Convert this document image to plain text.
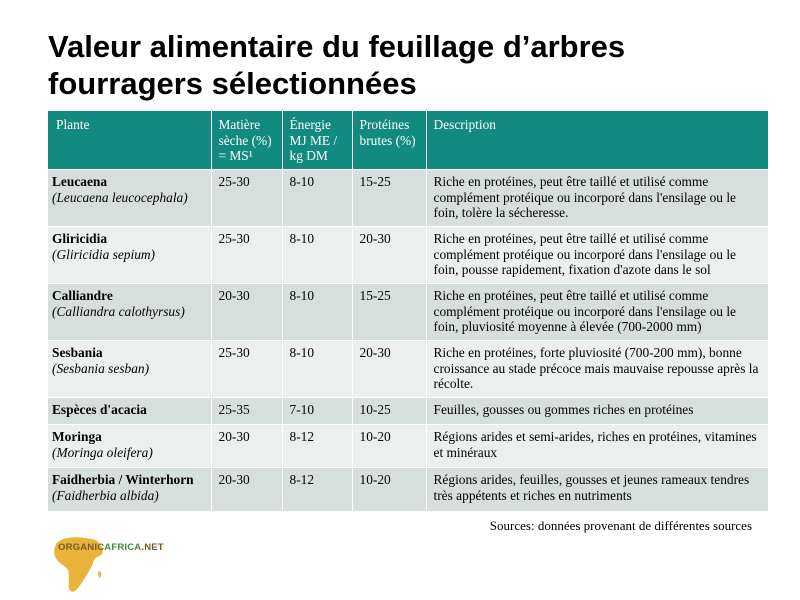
Valeur alimentaire du feuillage d’arbres
fourragers sélectionnées
Plante	Matière sèche (%) = MS¹	Énergie MJ ME / kg DM	Protéines brutes (%)	Description

Leucaena
(Leucaena leucocephala)	25-30	8-10	15-25	Riche en protéines, peut être taillé et utilisé comme complément protéique ou incorporé dans l'ensilage ou le foin, tolère la sécheresse.

Gliricidia
(Gliricidia sepium)	25-30	8-10	20-30	Riche en protéines, peut être taillé et utilisé comme complément protéique ou incorporé dans l'ensilage ou le foin, pousse rapidement, fixation d'azote dans le sol

Calliandre
(Calliandra calothyrsus)	20-30	8-10	15-25	Riche en protéines, peut être taillé et utilisé comme complément protéique ou incorporé dans l'ensilage ou le foin, pluviosité moyenne à élevée (700-2000 mm)

Sesbania
(Sesbania sesban)	25-30	8-10	20-30	Riche en protéines, forte pluviosité (700-200 mm), bonne croissance au stade précoce mais mauvaise repousse après la récolte.

Espèces d'acacia	25-35	7-10	10-25	Feuilles, gousses ou gommes riches en protéines

Moringa
(Moringa oleifera)	20-30	8-12	10-20	Régions arides et semi-arides, riches en protéines, vitamines et minéraux

Faidherbia / Winterhorn
(Faidherbia albida)	20-30	8-12	10-20	Régions arides, feuilles, gousses et jeunes rameaux tendres très appétents et riches en nutriments
Sources: données provenant de différentes sources
ORGANICAFRICA.NET
